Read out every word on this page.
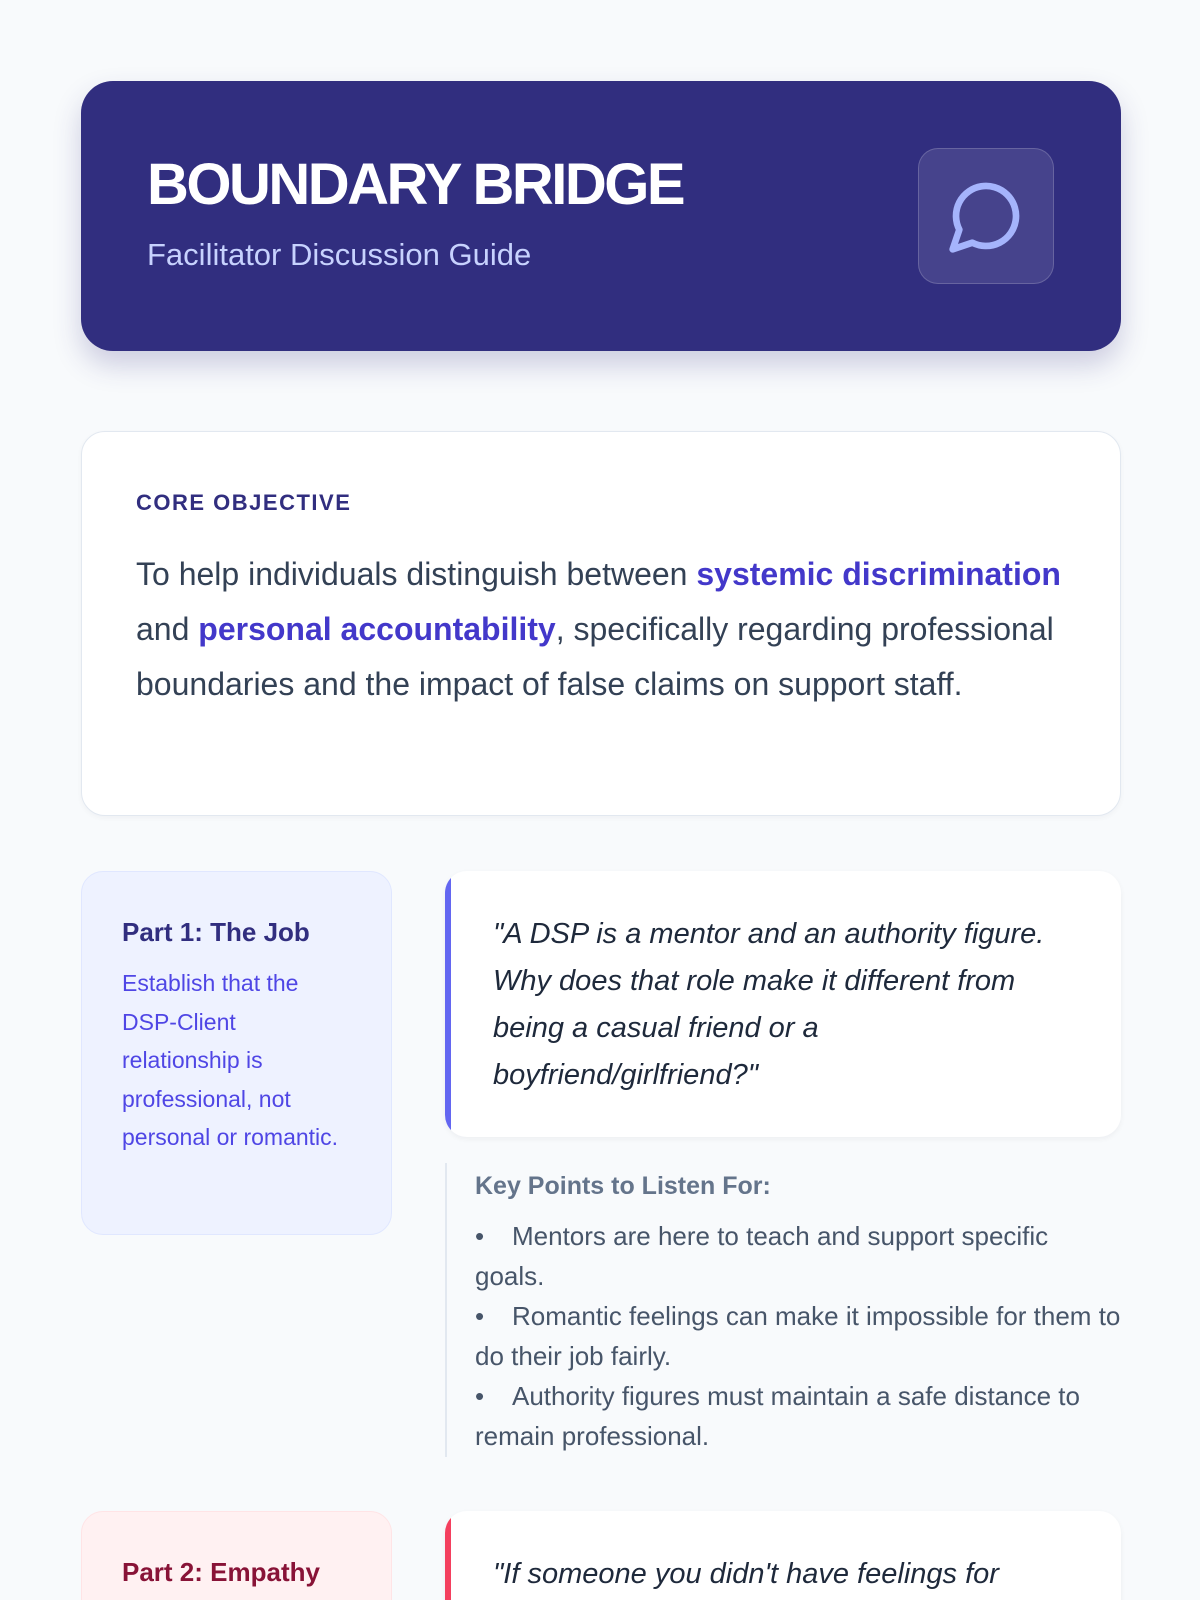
BOUNDARY BRIDGE
Facilitator Discussion Guide
CORE OBJECTIVE
To help individuals distinguish between systemic discrimination and personal accountability, specifically regarding professional boundaries and the impact of false claims on support staff.
Part 1: The Job
Establish that the DSP-Client relationship is professional, not personal or romantic.
"A DSP is a mentor and an authority figure. Why does that role make it different from being a casual friend or a boyfriend/girlfriend?"
Key Points to Listen For:
• Mentors are here to teach and support specific goals.
• Romantic feelings can make it impossible for them to do their job fairly.
• Authority figures must maintain a safe distance to remain professional.
Part 2: Empathy	"If someone you didn't have feelings for
